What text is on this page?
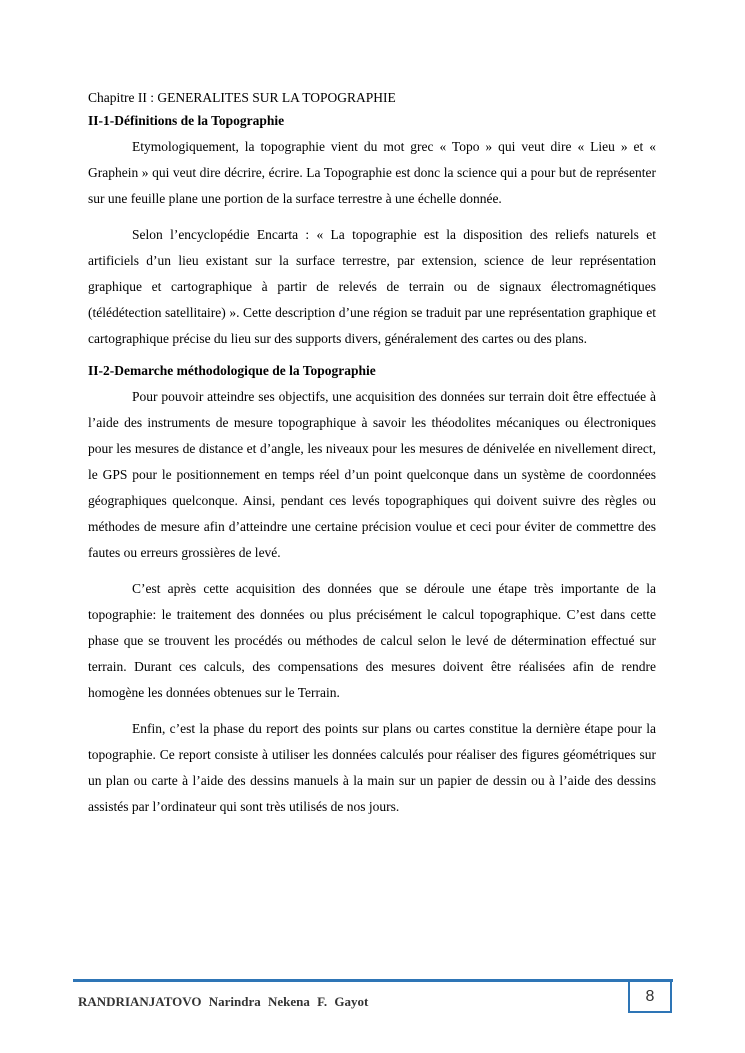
Chapitre II : GENERALITES SUR LA TOPOGRAPHIE

II-1-Définitions de la Topographie

Etymologiquement, la topographie vient du mot grec « Topo » qui veut dire « Lieu » et « Graphein » qui veut dire décrire, écrire. La Topographie est donc la science qui a pour but de représenter sur une feuille plane une portion de la surface terrestre à une échelle donnée.

Selon l’encyclopédie Encarta : « La topographie est la disposition des reliefs naturels et artificiels d’un lieu existant sur la surface terrestre, par extension, science de leur représentation graphique et cartographique à partir de relevés de terrain ou de signaux électromagnétiques (télédétection satellitaire) ». Cette description d’une région se traduit par une représentation graphique et cartographique précise du lieu sur des supports divers, généralement des cartes ou des plans.

II-2-Demarche méthodologique de la Topographie

Pour pouvoir atteindre ses objectifs, une acquisition des données sur terrain doit être effectuée à l’aide des instruments de mesure topographique à savoir les théodolites mécaniques ou électroniques pour les mesures de distance et d’angle, les niveaux pour les mesures de dénivelée en nivellement direct, le GPS pour le positionnement en temps réel d’un point quelconque dans un système de coordonnées géographiques quelconque. Ainsi, pendant ces levés topographiques qui doivent suivre des règles ou méthodes de mesure afin d’atteindre une certaine précision voulue et ceci pour éviter de commettre des fautes ou erreurs grossières de levé.

C’est après cette acquisition des données que se déroule une étape très importante de la topographie: le traitement des données ou plus précisément le calcul topographique. C’est dans cette phase que se trouvent les procédés ou méthodes de calcul selon le levé de détermination effectué sur terrain. Durant ces calculs, des compensations des mesures doivent être réalisées afin de rendre homogène les données obtenues sur le Terrain.

Enfin, c’est la phase du report des points sur plans ou cartes constitue la dernière étape pour la topographie. Ce report consiste à utiliser les données calculés pour réaliser des figures géométriques sur un plan ou carte à l’aide des dessins manuels à la main sur un papier de dessin ou à l’aide des dessins assistés par l’ordinateur qui sont très utilisés de nos jours.

RANDRIANJATOVO Narindra Nekena F. Gayot	8
